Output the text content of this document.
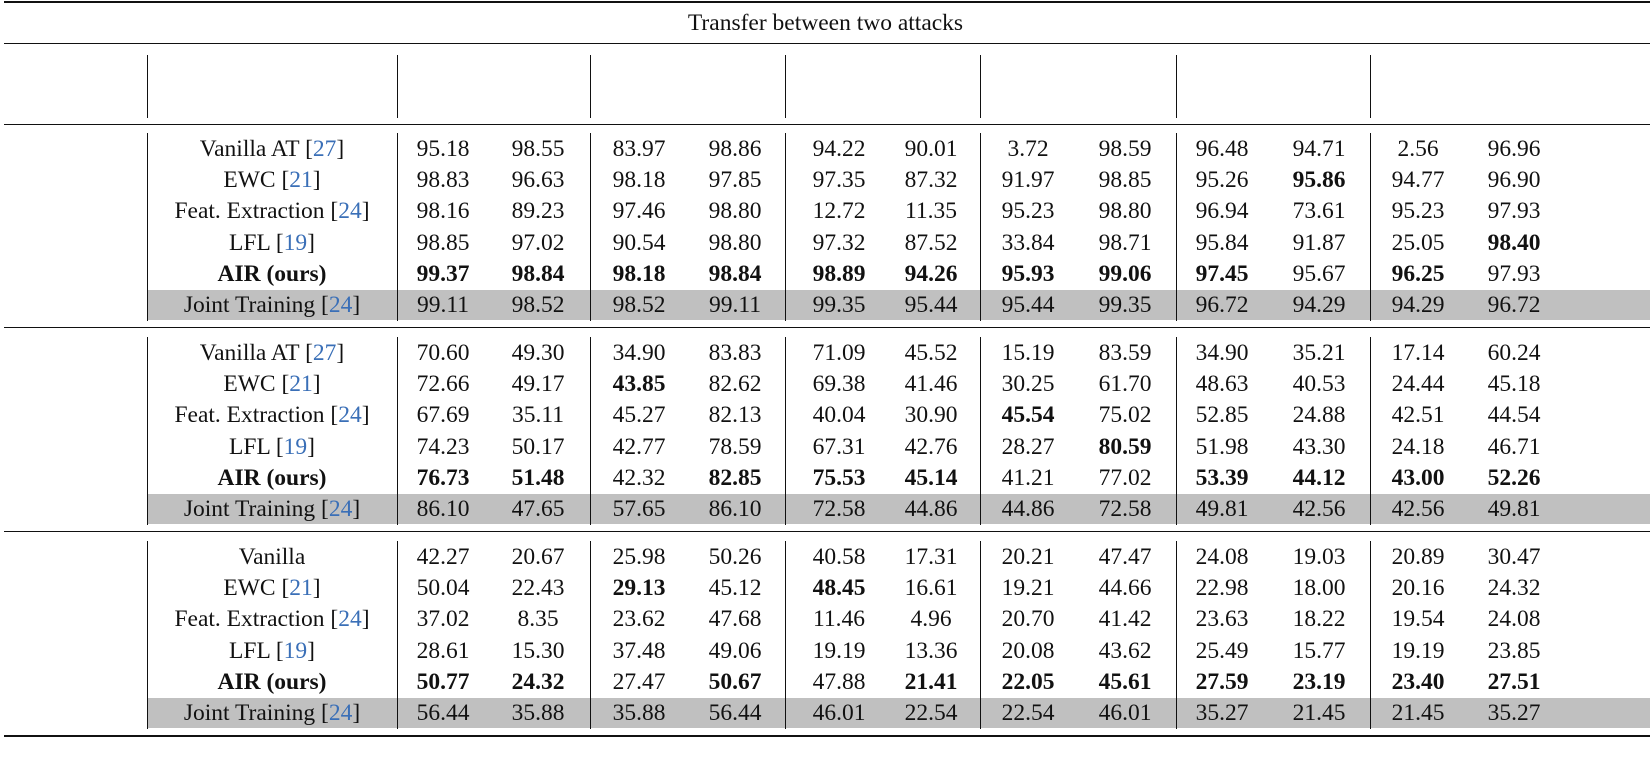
Transfer between two attacks
Vanilla AT [27]	95.18	98.55	83.97	98.86	94.22	90.01	3.72	98.59	96.48	94.71	2.56	96.96
EWC [21]	98.83	96.63	98.18	97.85	97.35	87.32	91.97	98.85	95.26	95.86	94.77	96.90
Feat. Extraction [24]	98.16	89.23	97.46	98.80	12.72	11.35	95.23	98.80	96.94	73.61	95.23	97.93
LFL [19]	98.85	97.02	90.54	98.80	97.32	87.52	33.84	98.71	95.84	91.87	25.05	98.40
AIR (ours)	99.37	98.84	98.18	98.84	98.89	94.26	95.93	99.06	97.45	95.67	96.25	97.93
Joint Training [24]	99.11	98.52	98.52	99.11	99.35	95.44	95.44	99.35	96.72	94.29	94.29	96.72
Vanilla AT [27]	70.60	49.30	34.90	83.83	71.09	45.52	15.19	83.59	34.90	35.21	17.14	60.24
EWC [21]	72.66	49.17	43.85	82.62	69.38	41.46	30.25	61.70	48.63	40.53	24.44	45.18
Feat. Extraction [24]	67.69	35.11	45.27	82.13	40.04	30.90	45.54	75.02	52.85	24.88	42.51	44.54
LFL [19]	74.23	50.17	42.77	78.59	67.31	42.76	28.27	80.59	51.98	43.30	24.18	46.71
AIR (ours)	76.73	51.48	42.32	82.85	75.53	45.14	41.21	77.02	53.39	44.12	43.00	52.26
Joint Training [24]	86.10	47.65	57.65	86.10	72.58	44.86	44.86	72.58	49.81	42.56	42.56	49.81
Vanilla	42.27	20.67	25.98	50.26	40.58	17.31	20.21	47.47	24.08	19.03	20.89	30.47
EWC [21]	50.04	22.43	29.13	45.12	48.45	16.61	19.21	44.66	22.98	18.00	20.16	24.32
Feat. Extraction [24]	37.02	8.35	23.62	47.68	11.46	4.96	20.70	41.42	23.63	18.22	19.54	24.08
LFL [19]	28.61	15.30	37.48	49.06	19.19	13.36	20.08	43.62	25.49	15.77	19.19	23.85
AIR (ours)	50.77	24.32	27.47	50.67	47.88	21.41	22.05	45.61	27.59	23.19	23.40	27.51
Joint Training [24]	56.44	35.88	35.88	56.44	46.01	22.54	22.54	46.01	35.27	21.45	21.45	35.27
